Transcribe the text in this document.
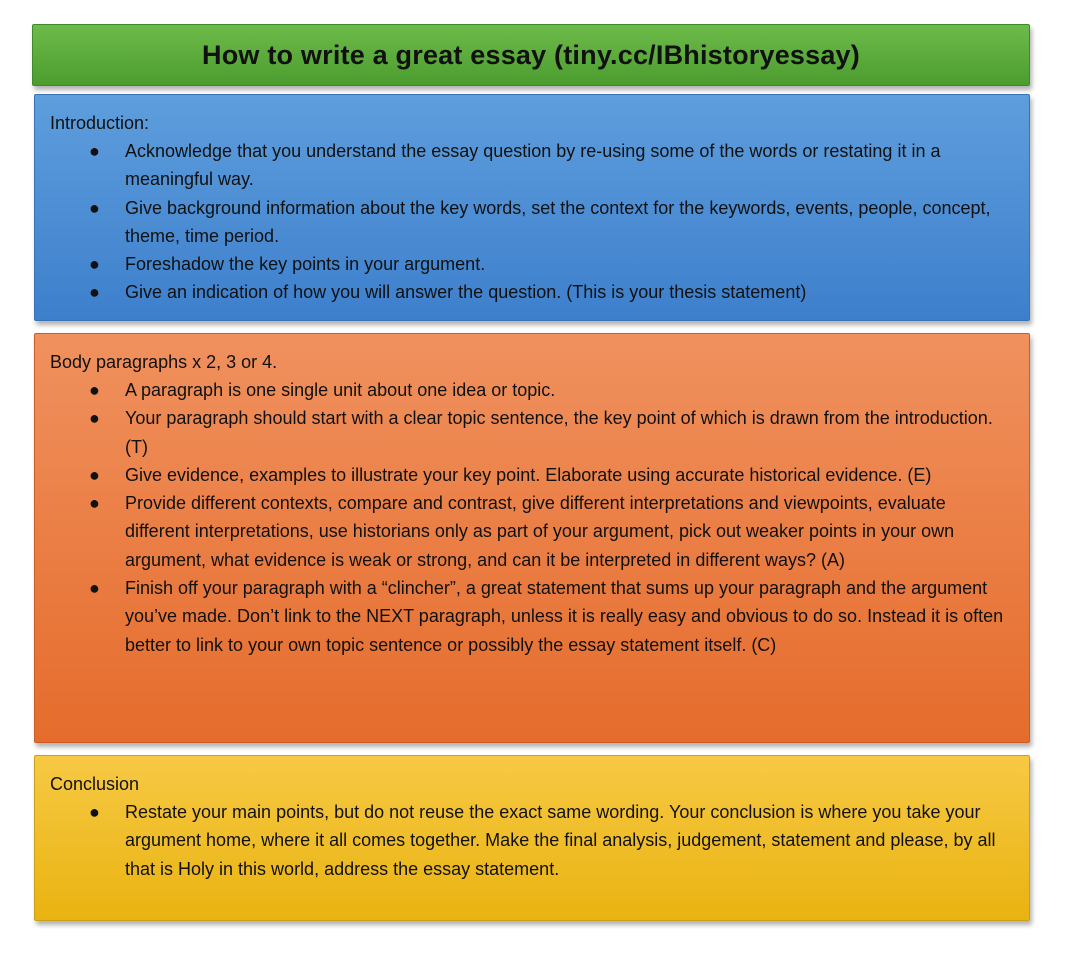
How to write a great essay (tiny.cc/IBhistoryessay)

Introduction:

● Acknowledge that you understand the essay question by re-using some of the words or restating it in a meaningful way.
● Give background information about the key words, set the context for the keywords, events, people, concept, theme, time period.
● Foreshadow the key points in your argument.
● Give an indication of how you will answer the question. (This is your thesis statement)

Body paragraphs x 2, 3 or 4.

● A paragraph is one single unit about one idea or topic.
● Your paragraph should start with a clear topic sentence, the key point of which is drawn from the introduction. (T)
● Give evidence, examples to illustrate your key point. Elaborate using accurate historical evidence. (E)
● Provide different contexts, compare and contrast, give different interpretations and viewpoints, evaluate different interpretations, use historians only as part of your argument, pick out weaker points in your own argument, what evidence is weak or strong, and can it be interpreted in different ways? (A)
● Finish off your paragraph with a “clincher”, a great statement that sums up your paragraph and the argument you’ve made. Don’t link to the NEXT paragraph, unless it is really easy and obvious to do so. Instead it is often better to link to your own topic sentence or possibly the essay statement itself. (C)

Conclusion

● Restate your main points, but do not reuse the exact same wording. Your conclusion is where you take your argument home, where it all comes together. Make the final analysis, judgement, statement and please, by all that is Holy in this world, address the essay statement.
